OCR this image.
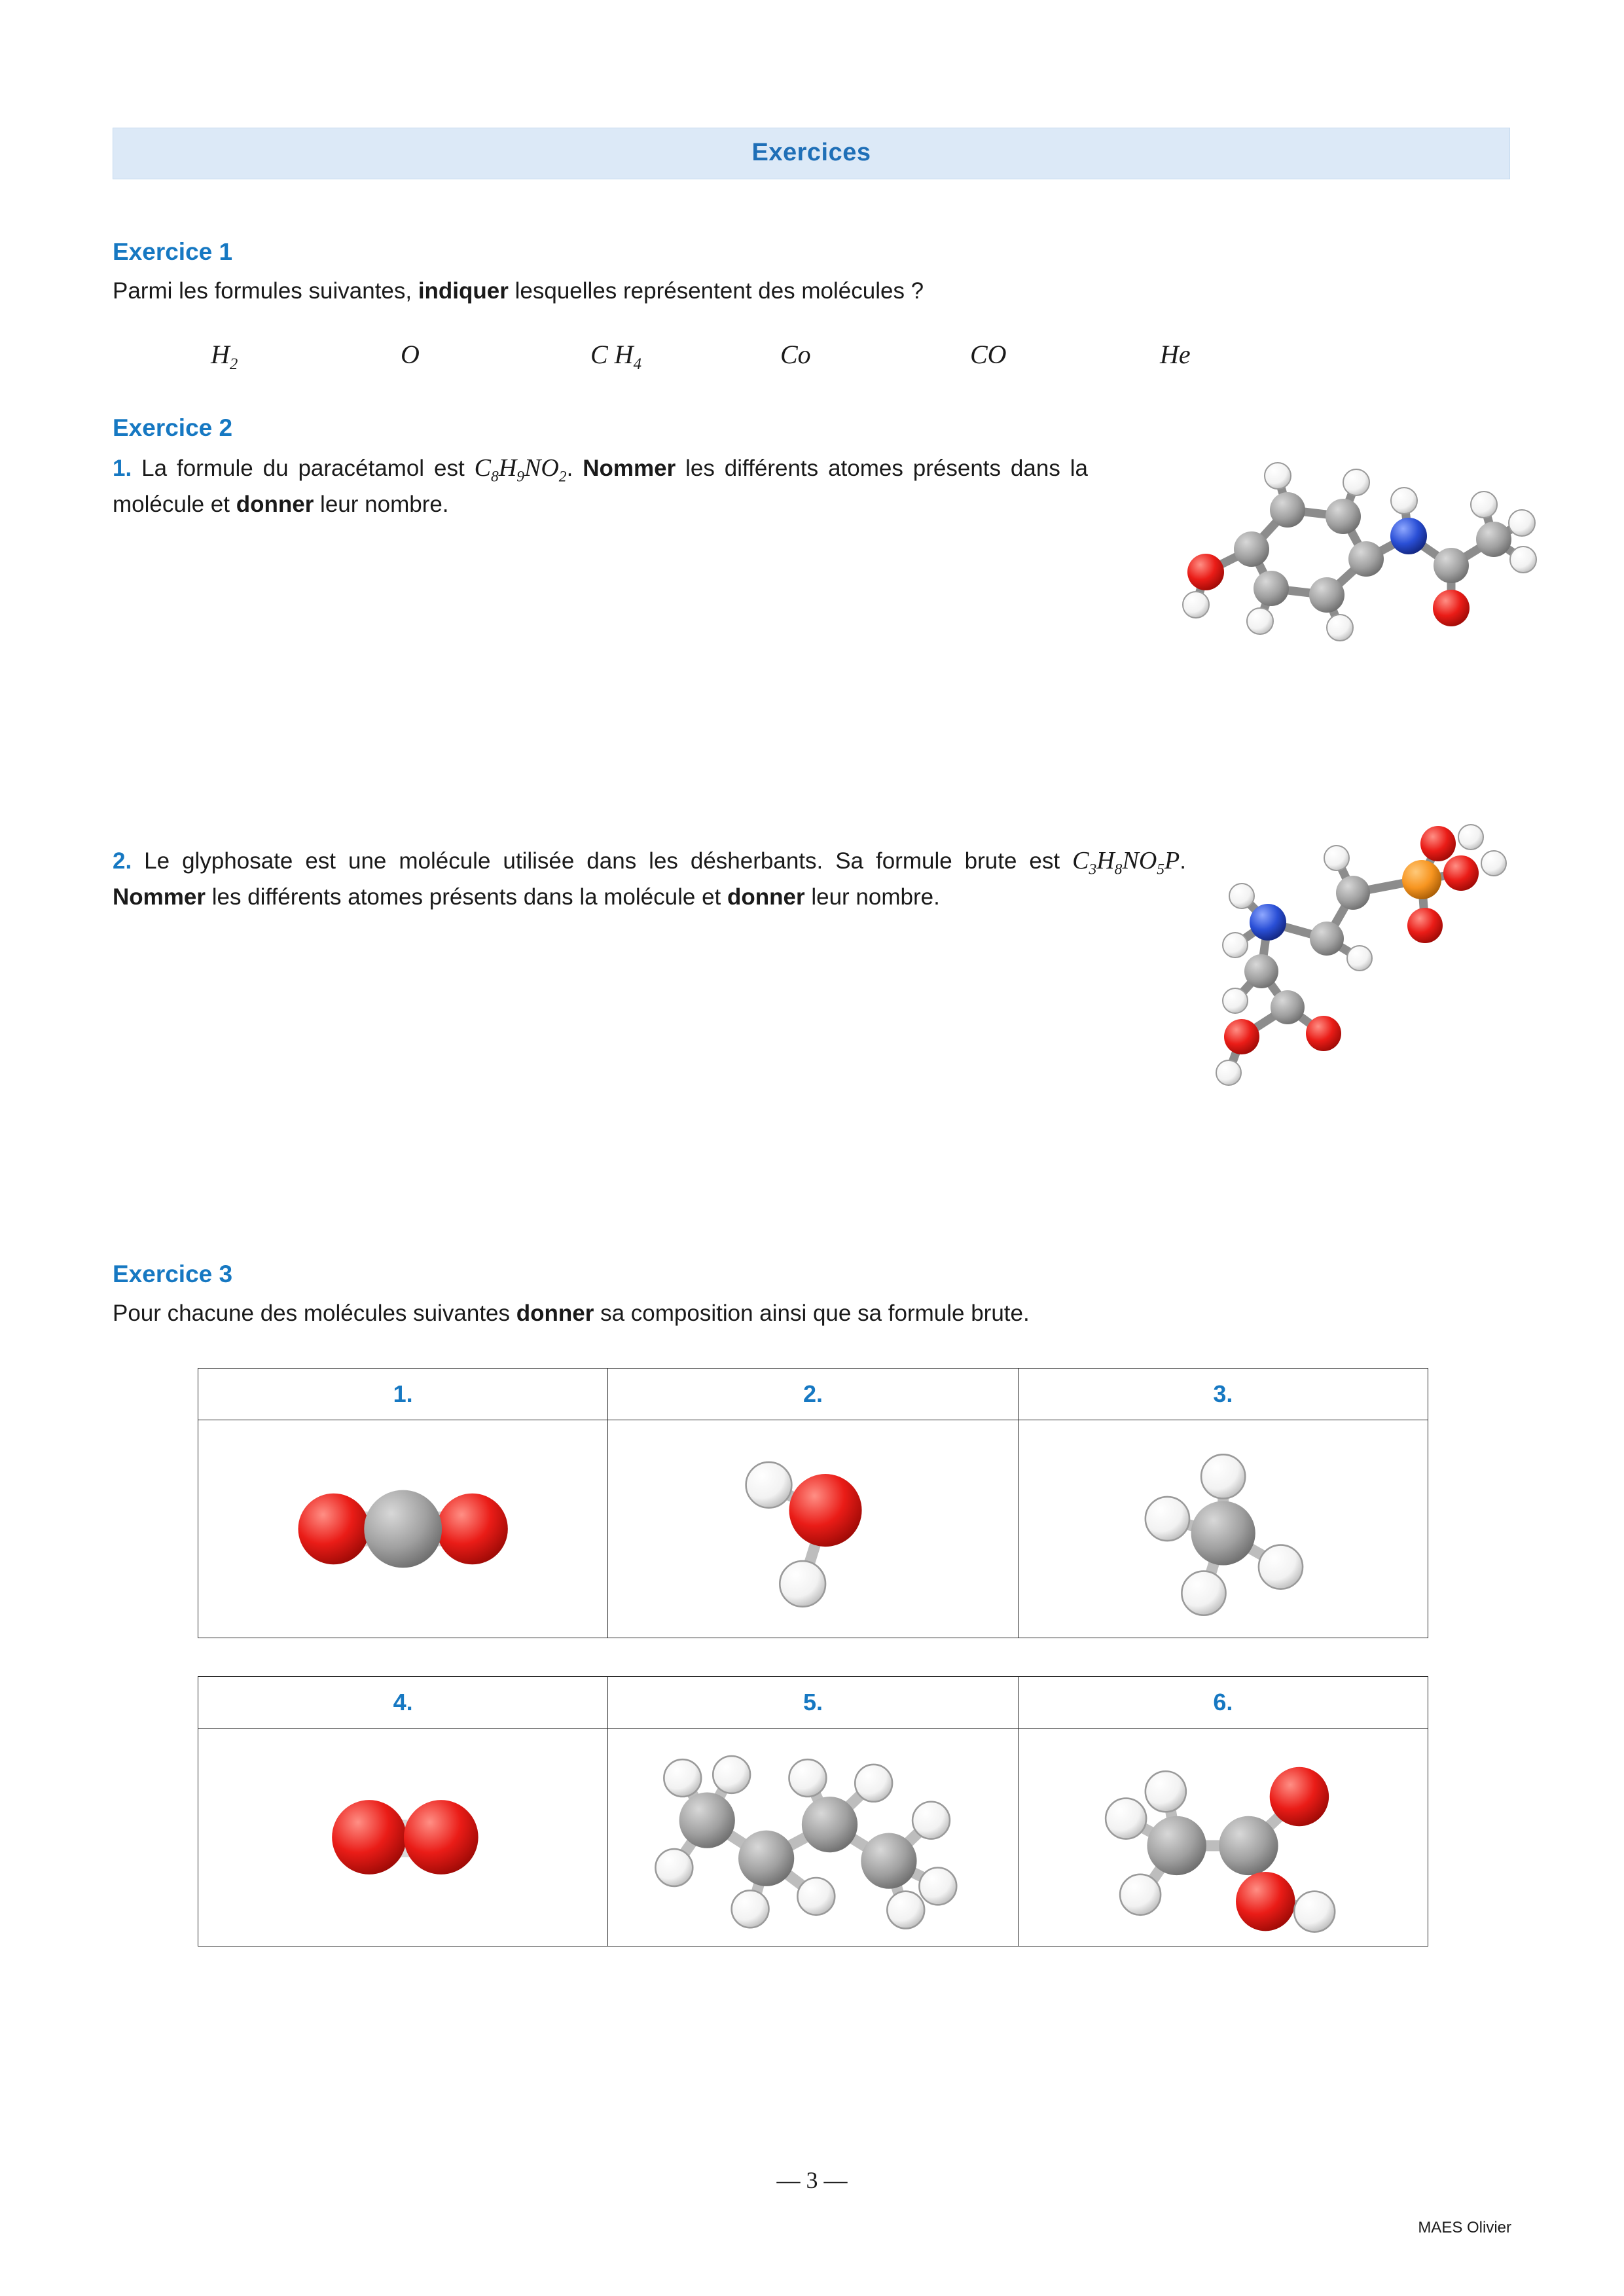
Exercices
Exercice 1

Parmi les formules suivantes, indiquer lesquelles représentent des molécules ?

$H_2$	O	C $H_4$	Co	CO	He
Exercice 2

1. La formule du paracétamol est $C_8H_9NO_2$. Nommer les différents atomes présents dans la molécule et donner leur nombre.

2. Le glyphosate est une molécule utilisée dans les désherbants. Sa formule brute est $C_3H_8NO_5P$. Nommer les différents atomes présents dans la molécule et donner leur nombre.

Exercice 3

Pour chacune des molécules suivantes donner sa composition ainsi que sa formule brute.

1.	2.	3.

4.	5.	6.

— 3 —
MAES Olivier
